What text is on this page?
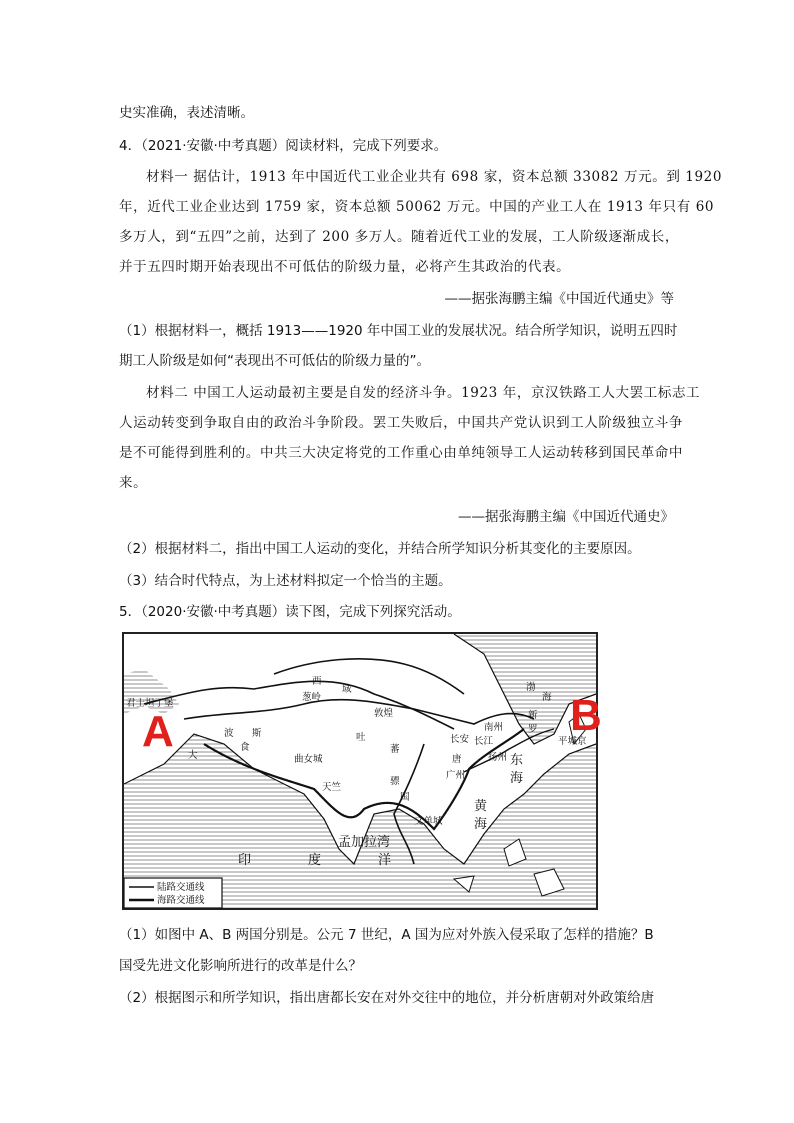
史实准确，表述清晰。
4．（2021·安徽·中考真题）阅读材料，完成下列要求。
材料一 据估计，1913 年中国近代工业企业共有 698 家，资本总额 33082 万元。到 1920
年，近代工业企业达到 1759 家，资本总额 50062 万元。中国的产业工人在 1913 年只有 60
多万人，到“五四”之前，达到了 200 多万人。随着近代工业的发展，工人阶级逐渐成长，
并于五四时期开始表现出不可低估的阶级力量，必将产生其政治的代表。
——据张海鹏主编《中国近代通史》等
（1）根据材料一，概括 1913——1920 年中国工业的发展状况。结合所学知识，说明五四时
期工人阶级是如何“表现出不可低估的阶级力量的”。
材料二 中国工人运动最初主要是自发的经济斗争。1923 年，京汉铁路工人大罢工标志工
人运动转变到争取自由的政治斗争阶段。罢工失败后，中国共产党认识到工人阶级独立斗争
是不可能得到胜利的。中共三大决定将党的工作重心由单纯领导工人运动转移到国民革命中
来。
——据张海鹏主编《中国近代通史》
（2）根据材料二，指出中国工人运动的变化，并结合所学知识分析其变化的主要原因。
（3）结合时代特点，为上述材料拟定一个恰当的主题。
5．（2020·安徽·中考真题）读下图，完成下列探究活动。
A	B
君士坦丁堡
西
域
葱岭
波 斯
敦煌
食
大
吐
蕃
长安 长江
扬州
南州
唐
广州
曲女城
天竺
骠
文单城
国
渤
海
新
罗
平城京
东
海
黄
海
孟加拉湾
印	度	洋
陆路交通线
海路交通线
（1）如图中 A、B 两国分别是。公元 7 世纪，A 国为应对外族入侵采取了怎样的措施？B
国受先进文化影响所进行的改革是什么？
（2）根据图示和所学知识，指出唐都长安在对外交往中的地位，并分析唐朝对外政策给唐
